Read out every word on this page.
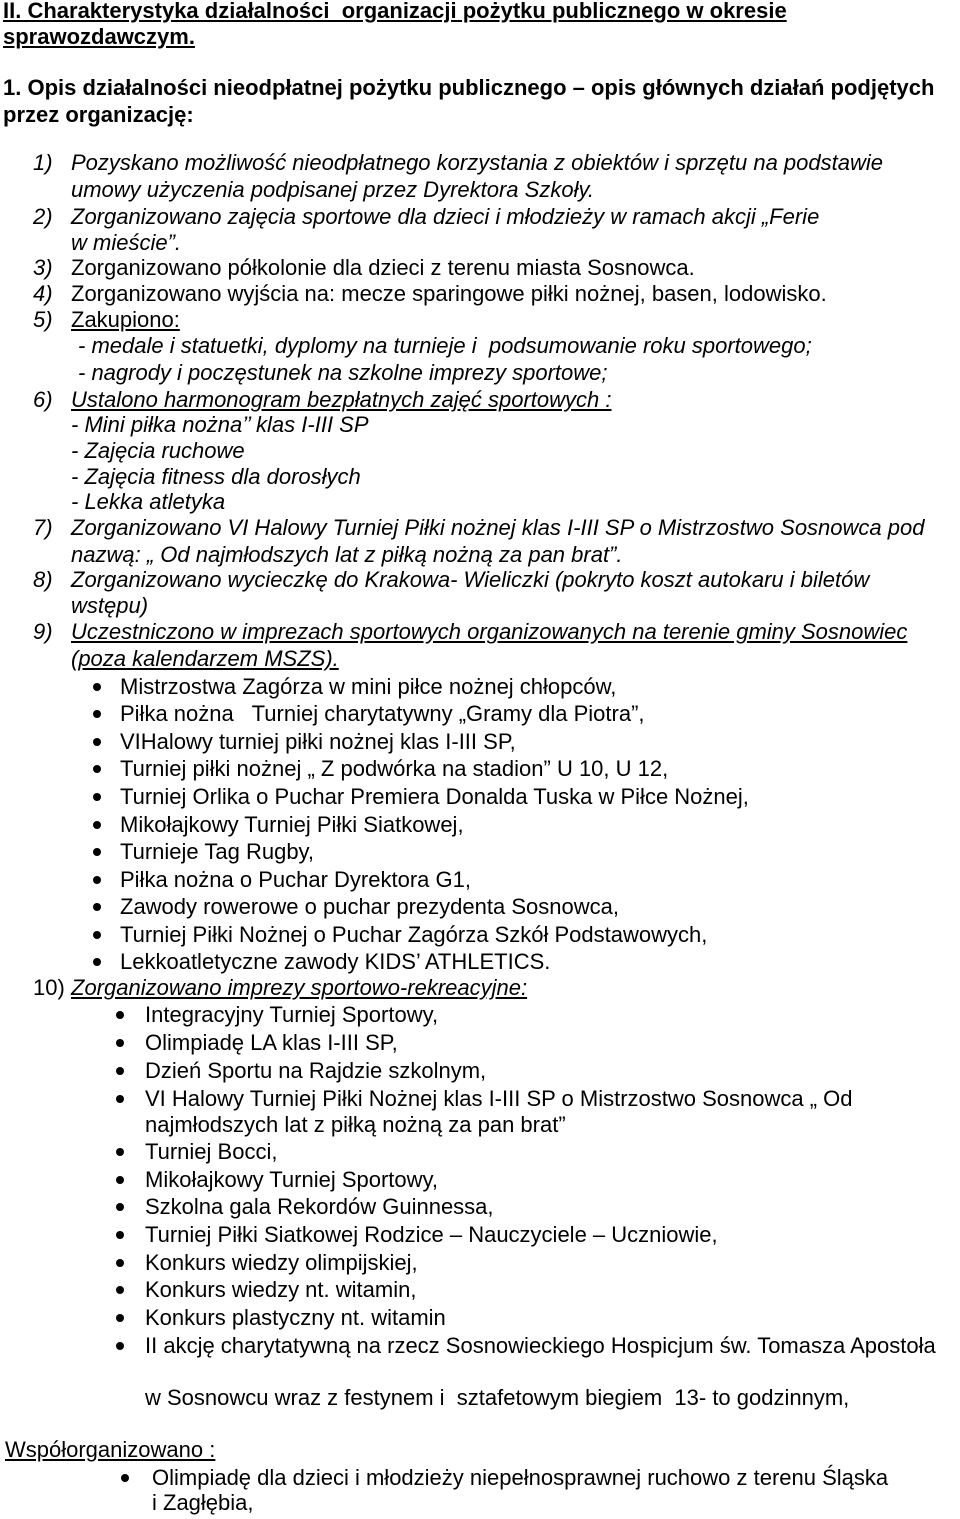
II. Charakterystyka działalności  organizacji pożytku publicznego w okresie
sprawozdawczym.
1. Opis działalności nieodpłatnej pożytku publicznego – opis głównych działań podjętych
przez organizację:
1) Pozyskano możliwość nieodpłatnego korzystania z obiektów i sprzętu na podstawie
umowy użyczenia podpisanej przez Dyrektora Szkoły.
2) Zorganizowano zajęcia sportowe dla dzieci i młodzieży w ramach akcji „Ferie
w mieście”.
3) Zorganizowano półkolonie dla dzieci z terenu miasta Sosnowca.
4) Zorganizowano wyjścia na: mecze sparingowe piłki nożnej, basen, lodowisko.
5) Zakupiono:
- medale i statuetki, dyplomy na turnieje i  podsumowanie roku sportowego;
- nagrody i poczęstunek na szkolne imprezy sportowe;
6) Ustalono harmonogram bezpłatnych zajęć sportowych :
- Mini piłka nożna’’ klas I-III SP
- Zajęcia ruchowe
- Zajęcia fitness dla dorosłych
- Lekka atletyka
7) Zorganizowano VI Halowy Turniej Piłki nożnej klas I-III SP o Mistrzostwo Sosnowca pod
nazwą: „ Od najmłodszych lat z piłką nożną za pan brat”.
8) Zorganizowano wycieczkę do Krakowa- Wieliczki (pokryto koszt autokaru i biletów
wstępu)
9) Uczestniczono w imprezach sportowych organizowanych na terenie gminy Sosnowiec
(poza kalendarzem MSZS).
Mistrzostwa Zagórza w mini piłce nożnej chłopców,
Piłka nożna   Turniej charytatywny „Gramy dla Piotra”,
VIHalowy turniej piłki nożnej klas I-III SP,
Turniej piłki nożnej „ Z podwórka na stadion” U 10, U 12,
Turniej Orlika o Puchar Premiera Donalda Tuska w Piłce Nożnej,
Mikołajkowy Turniej Piłki Siatkowej,
Turnieje Tag Rugby,
Piłka nożna o Puchar Dyrektora G1,
Zawody rowerowe o puchar prezydenta Sosnowca,
Turniej Piłki Nożnej o Puchar Zagórza Szkół Podstawowych,
Lekkoatletyczne zawody KIDS’ ATHLETICS.
10) Zorganizowano imprezy sportowo-rekreacyjne:
Integracyjny Turniej Sportowy,
Olimpiadę LA klas I-III SP,
Dzień Sportu na Rajdzie szkolnym,
VI Halowy Turniej Piłki Nożnej klas I-III SP o Mistrzostwo Sosnowca „ Od
najmłodszych lat z piłką nożną za pan brat”
Turniej Bocci,
Mikołajkowy Turniej Sportowy,
Szkolna gala Rekordów Guinnessa,
Turniej Piłki Siatkowej Rodzice – Nauczyciele – Uczniowie,
Konkurs wiedzy olimpijskiej,
Konkurs wiedzy nt. witamin,
Konkurs plastyczny nt. witamin
II akcję charytatywną na rzecz Sosnowieckiego Hospicjum św. Tomasza Apostoła
w Sosnowcu wraz z festynem i  sztafetowym biegiem  13- to godzinnym,
Współorganizowano :
Olimpiadę dla dzieci i młodzieży niepełnosprawnej ruchowo z terenu Śląska
i Zagłębia,
